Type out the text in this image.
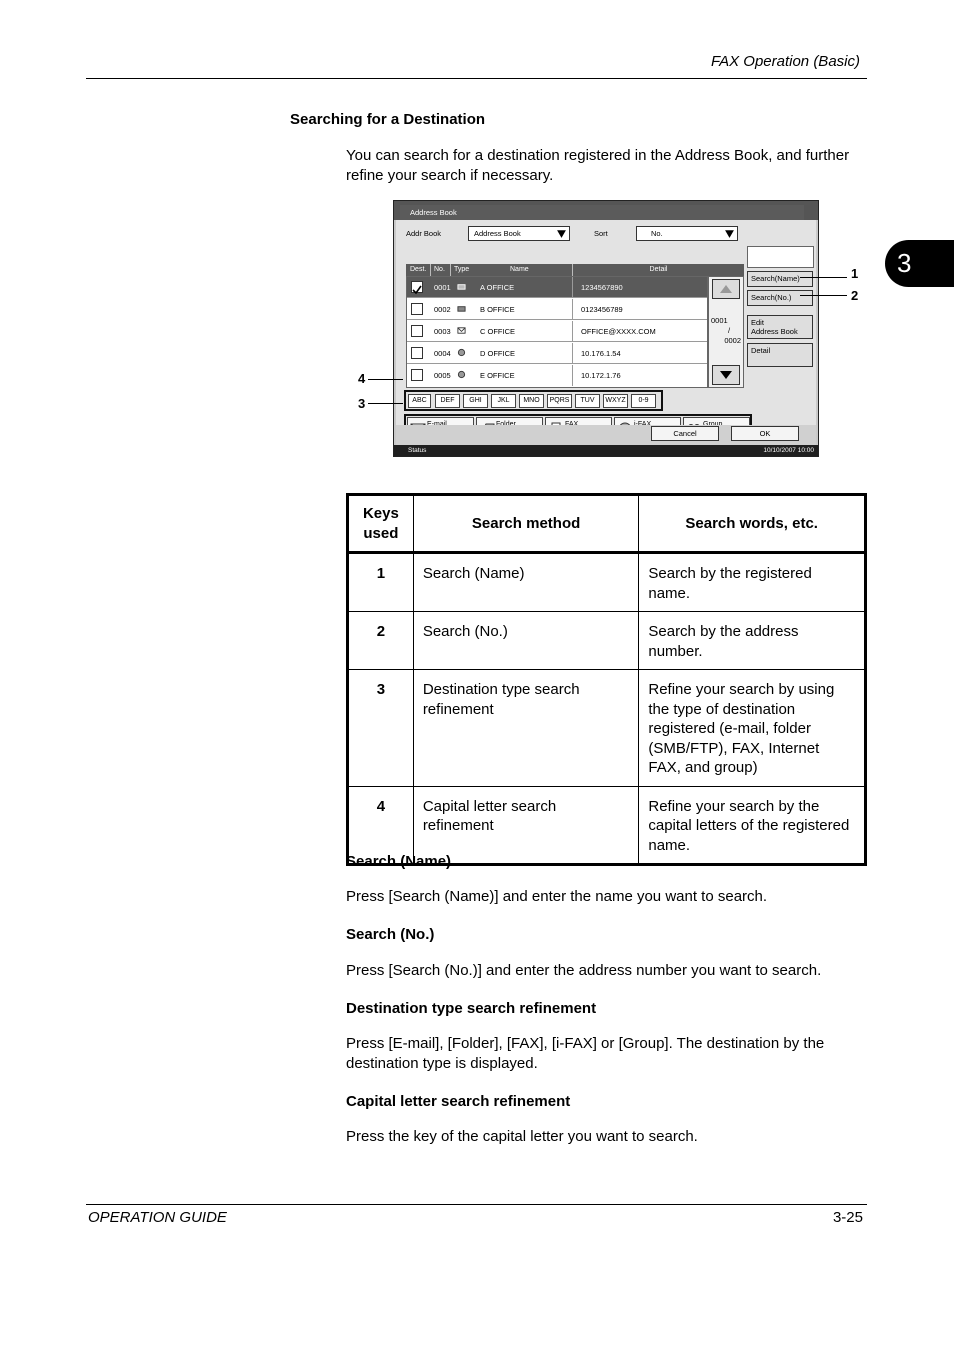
FAX Operation (Basic)
3
Searching for a Destination
You can search for a destination registered in the Address Book, and further refine your search if necessary.
Address Book
Addr Book	Address Book	Sort	No.
Dest.	No.	Type	Name	Detail
0001	A OFFICE	1234567890
0002	B OFFICE	0123456789
0003	C OFFICE	OFFICE@XXXX.COM
0004	D OFFICE	10.176.1.54
0005	E OFFICE	10.172.1.76
0001
/
0002
Search(Name)
Search(No.)
Edit
Address Book
Detail
ABC	DEF	GHI	JKL	MNO	PQRS	TUV	WXYZ	0-9
Cancel	OK
Status	10/10/2007 10:00
1
2
3
4
Keys
used	Search method	Search words, etc.
1	Search (Name)	Search by the registered name.
2	Search (No.)	Search by the address number.
3	Destination type search refinement	Refine your search by using the type of destination registered (e-mail, folder (SMB/FTP), FAX, Internet FAX, and group)
4	Capital letter search refinement	Refine your search by the capital letters of the registered name.
Search (Name)
Press [Search (Name)] and enter the name you want to search.
Search (No.)
Press [Search (No.)] and enter the address number you want to search.
Destination type search refinement
Press [E-mail], [Folder], [FAX], [i-FAX] or [Group]. The destination by the destination type is displayed.
Capital letter search refinement
Press the key of the capital letter you want to search.
OPERATION GUIDE	3-25
